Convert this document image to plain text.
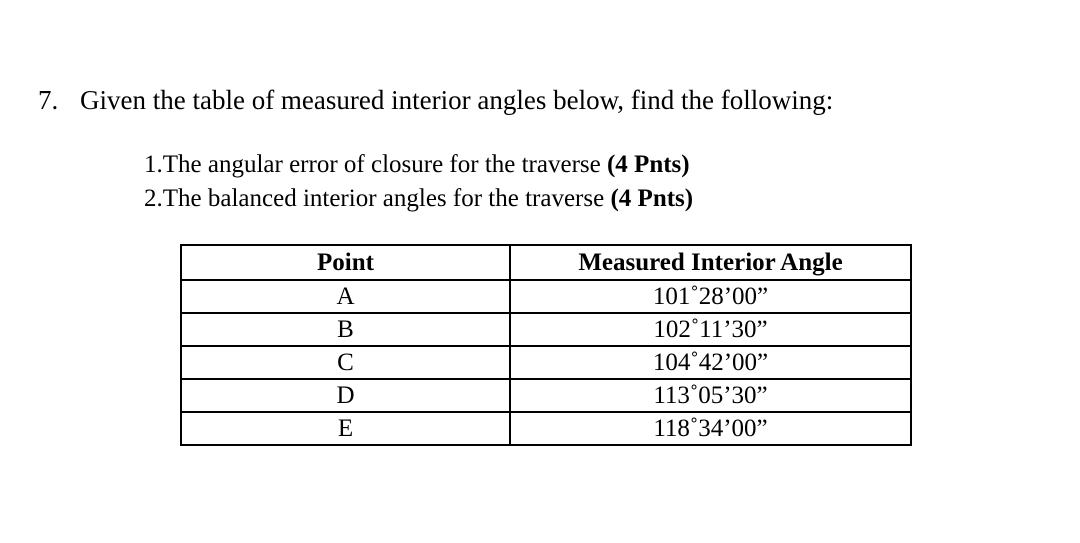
7. Given the table of measured interior angles below, find the following:
1.The angular error of closure for the traverse (4 Pnts)
2.The balanced interior angles for the traverse (4 Pnts)
Point	Measured Interior Angle
A	101˚28’00”
B	102˚11’30”
C	104˚42’00”
D	113˚05’30”
E	118˚34’00”
